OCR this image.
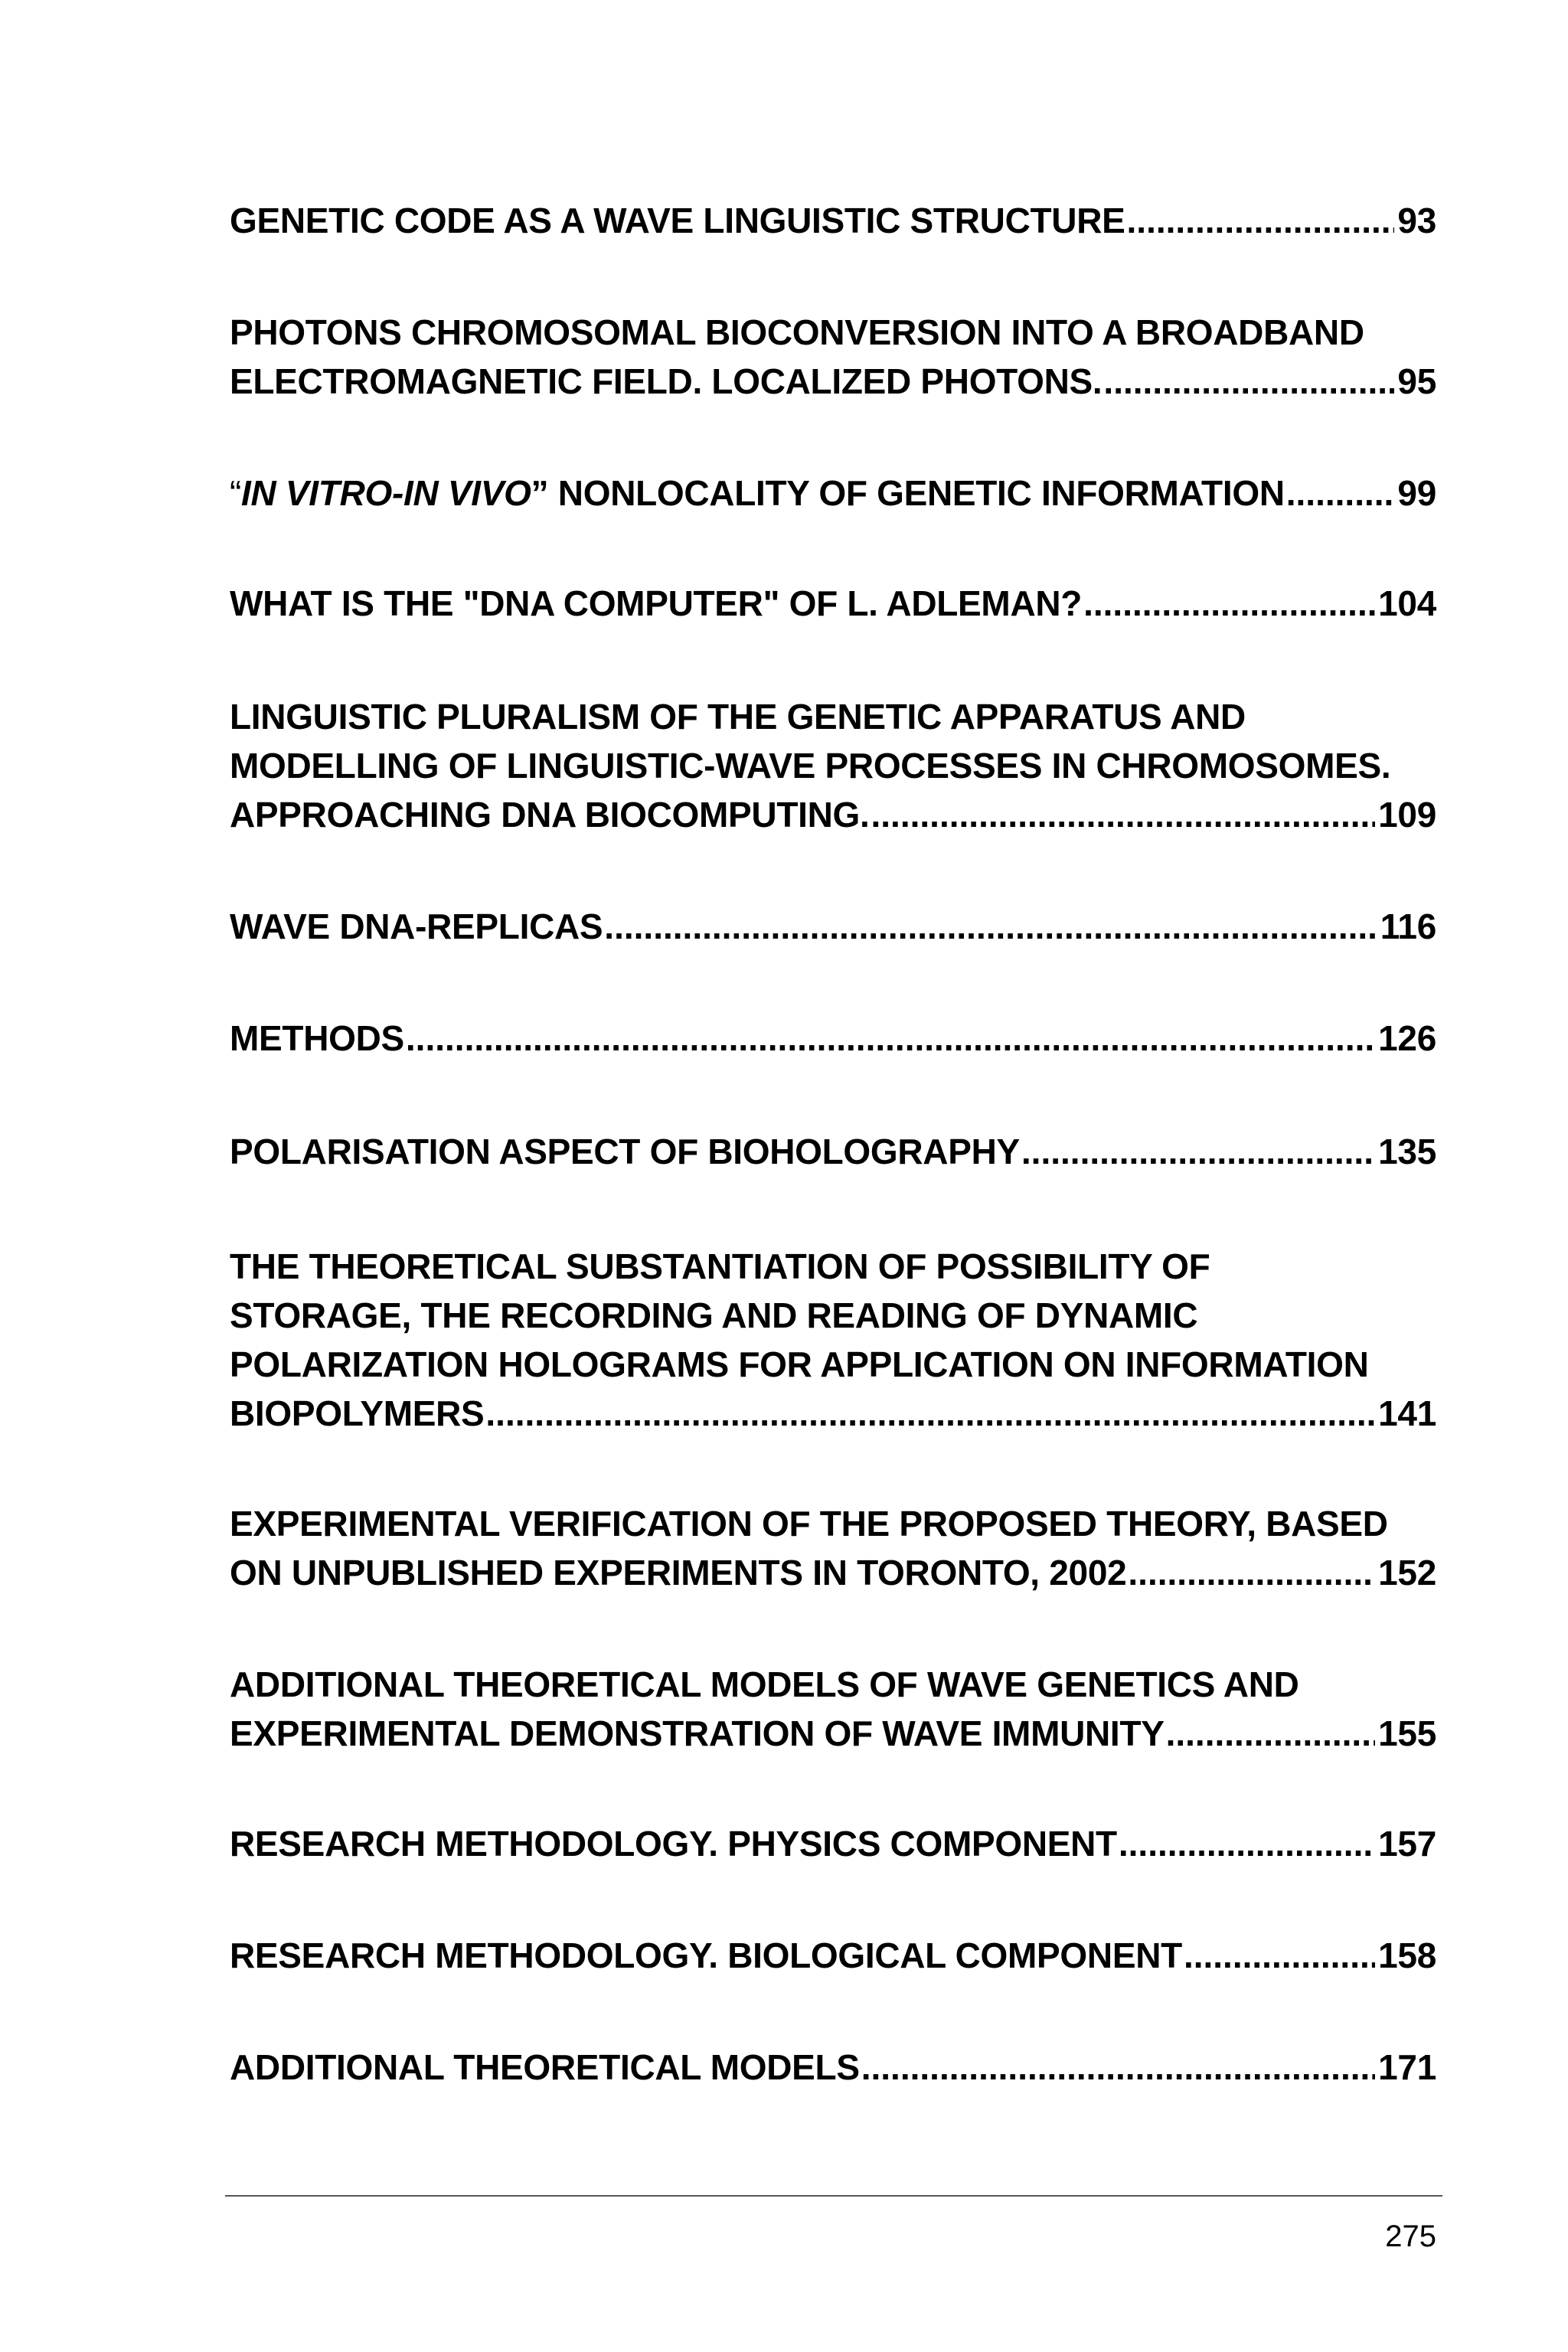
GENETIC CODE AS A WAVE LINGUISTIC STRUCTURE .....	93
PHOTONS CHROMOSOMAL BIOCONVERSION INTO A BROADBAND
ELECTROMAGNETIC FIELD. LOCALIZED PHOTONS. .....	95
“IN VITRO-IN VIVO” NONLOCALITY OF GENETIC INFORMATION .....	99
WHAT IS THE "DNA COMPUTER" OF L. ADLEMAN? .....	104
LINGUISTIC PLURALISM OF THE GENETIC APPARATUS AND
MODELLING OF LINGUISTIC-WAVE PROCESSES IN CHROMOSOMES.
APPROACHING DNA BIOCOMPUTING. .....	109
WAVE DNA-REPLICAS .....	116
METHODS .....	126
POLARISATION ASPECT OF BIOHOLOGRAPHY .....	135
THE THEORETICAL SUBSTANTIATION OF POSSIBILITY OF
STORAGE, THE RECORDING AND READING OF DYNAMIC
POLARIZATION HOLOGRAMS FOR APPLICATION ON INFORMATION
BIOPOLYMERS .....	141
EXPERIMENTAL VERIFICATION OF THE PROPOSED THEORY, BASED
ON UNPUBLISHED EXPERIMENTS IN TORONTO, 2002 .....	152
ADDITIONAL THEORETICAL MODELS OF WAVE GENETICS AND
EXPERIMENTAL DEMONSTRATION OF WAVE IMMUNITY .....	155
RESEARCH METHODOLOGY. PHYSICS COMPONENT .....	157
RESEARCH METHODOLOGY. BIOLOGICAL COMPONENT .....	158
ADDITIONAL THEORETICAL MODELS .....	171
275
